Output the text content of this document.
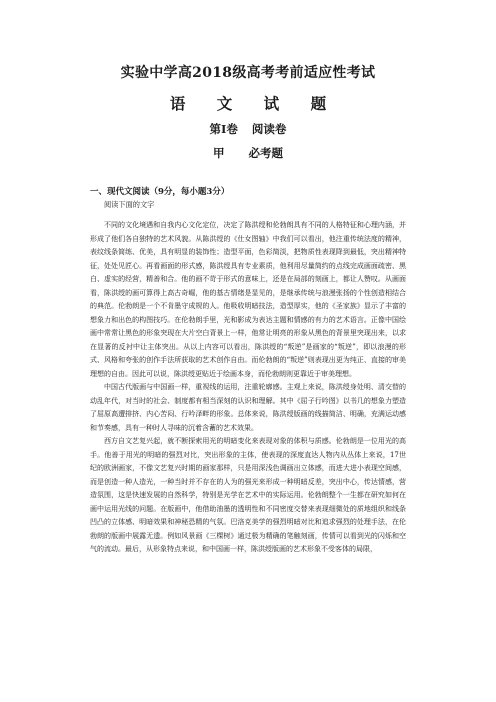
实验中学高2018级高考考前适应性考试
语 文 试 题
第I卷 阅读卷
甲 必考题
一、现代文阅读（9分，每小题3分）
阅读下面的文字

不同的文化境遇和自我内心文化定位，决定了陈洪绶和伦勃朗具有不同的人格特征和心理内涵，并形成了他们各自独特的艺术风貌。从陈洪绶的《仕女图轴》中我们可以看出，他注重传统法度的精神，表纹线条简练、优美，具有明显的装饰性；造型平面，色彩简淡，把物质性表现降到最低，突出精神特征，处处见匠心。再看画面的形式感，陈洪绶具有专业素质，他利用尽量简约的点线完成画面疏密、黑白、虚实的经营，精善和合。他的画不苛于形式的意味上，还是在局部的刻画上，都让人赞叹。从画面看，陈洪绶的画可算得上高古奇崛，他的基古情绪是显见的，是继承传统与浪漫张扬的个性创造相结合的典范。伦勃朗是一个不肯墨守成规的人。他吸收明暗技法，造型厚实，他的《圣家族》显示了丰富的想象力和出色的构图技巧。在伦勃朗手里，光和影成为表达主题和情感的有力的艺术语言。正像中国绘画中常常让黑色的形象突现在大片空白背景上一样，他常让明亮的形象从黑色的背景里突现出来，以求在显著的反衬中让主体突出。从以上内容可以看出，陈洪绶的“叛逆”是画家的“叛逆”，即以浪漫的形式、风格和夸张的创作手法所获取的艺术创作自由。而伦勃朗的“叛逆”则表现出更为纯正、直接的审美理想的自由。因此可以说，陈洪绶更贴近于绘画本身，而伦勃朗则更靠近于审美理想。

中国古代版画与中国画一样，重视线的运用，注重轮廓感。主观上来说，陈洪绶身处明、清交替的动乱年代，对当时的社会、制度都有相当深刻的认识和理解。其中《屈子行吟图》以书几的想象力塑造了屈原高遭排挤、内心苦闷、行吟泽畔的形象。总体来说，陈洪绶版画的线描简洁、明确，充满运动感和节奏感，具有一种时人寻味的沉着含蓄的艺术效果。

西方自文艺复兴起，就不断探索用光的明暗变化来表现对象的体积与质感。伦勃朗是一位用光的高手。他善于用光的明暗的强烈对比，突出形象的主体，使表现的深度直达人物内从丛体上来说，17世纪的欧洲画家，不像文艺复兴时期的画家那样，只是用深浅色调画出立体感，而进大进小表现空间感，而是创造一种人造光，一种当时并不存在的人为的强光来形成一种明暗反差，突出中心，传达情感，营造氛围，这是快速发展的自然科学，特别是光学在艺术中的实际运用。伦勃朗整个一生都在研究如何在画中运用光线的问题。在版画中，他借助油墨的透明性和不同密度交替来表现细微处的质地组织和线条凹凸的立体感、明暗效果和神秘恐精的气氛。巴洛克美学的强烈明暗对比和追求强烈的处理手法，在伦勃朗的版画中展露无遗。例如风景画《三棵树》通过极为精确的笔触刻画，传情可以看到光的闪烁和空气的流动。最后，从形象特点来说，和中国画一样，陈洪绶版画的艺术形象不受客体的局限，
